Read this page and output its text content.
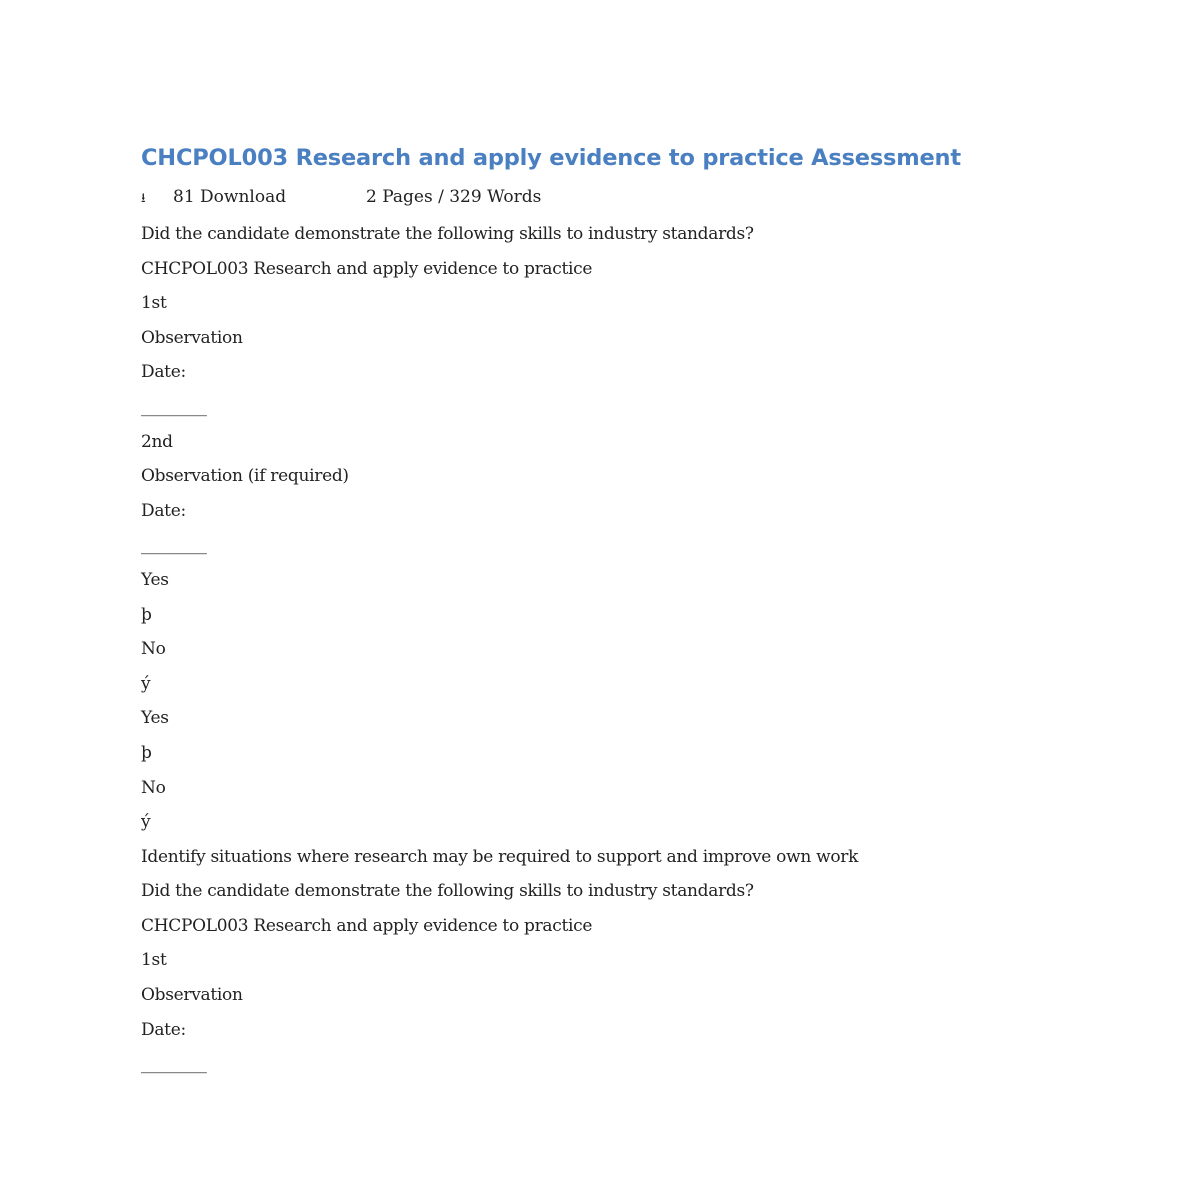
CHCPOL003 Research and apply evidence to practice Assessment
⭳ 81 Download	2 Pages / 329 Words
Did the candidate demonstrate the following skills to industry standards?
CHCPOL003 Research and apply evidence to practice
1st
Observation
Date:
________
2nd
Observation (if required)
Date:
________
Yes
þ
No
ý
Yes
þ
No
ý
Identify situations where research may be required to support and improve own work
Did the candidate demonstrate the following skills to industry standards?
CHCPOL003 Research and apply evidence to practice
1st
Observation
Date:
________
